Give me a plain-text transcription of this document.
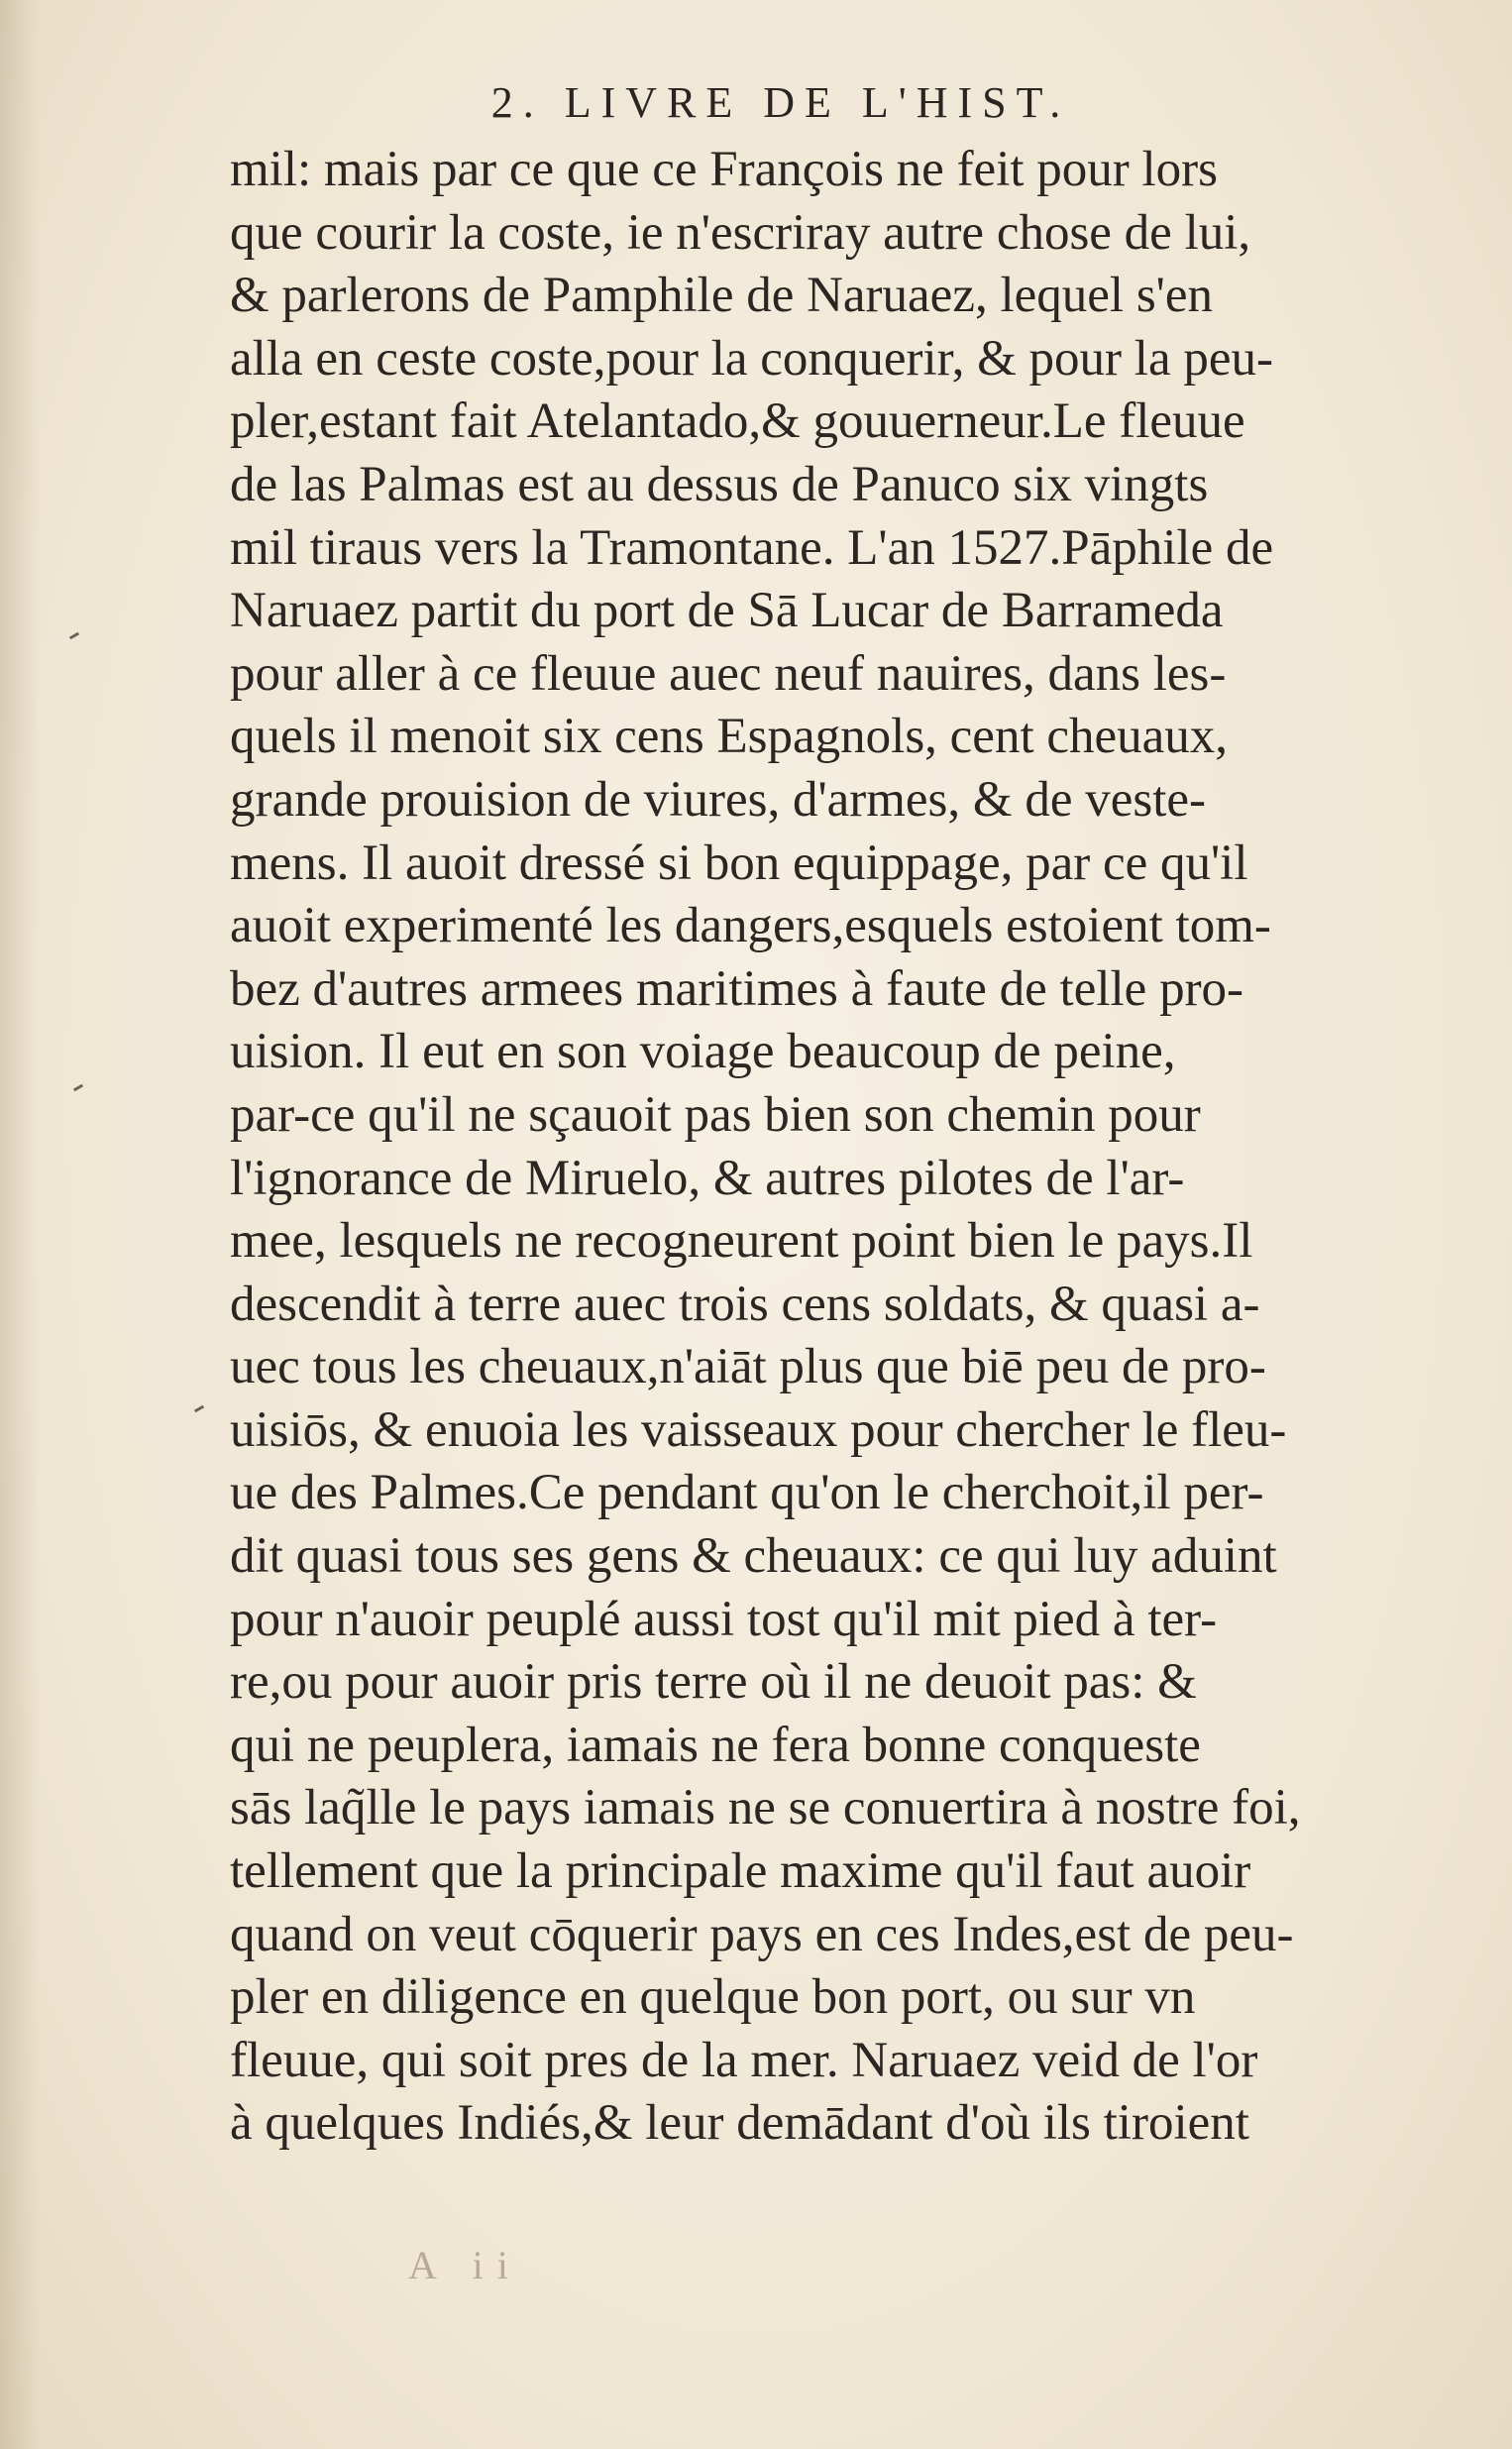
2. LIVRE DE L'HIST.
mil: mais par ce que ce François ne feit pour lors
que courir la coste, ie n'escriray autre chose de lui,
& parlerons de Pamphile de Naruaez, lequel s'en
alla en ceste coste,pour la conquerir, & pour la peu-
pler,estant fait Atelantado,& gouuerneur.Le fleuue
de las Palmas est au dessus de Panuco six vingts
mil tiraus vers la Tramontane. L'an 1527.Pāphile de
Naruaez partit du port de Sā Lucar de Barrameda
pour aller à ce fleuue auec neuf nauires, dans les-
quels il menoit six cens Espagnols, cent cheuaux,
grande prouision de viures, d'armes, & de veste-
mens. Il auoit dressé si bon equippage, par ce qu'il
auoit experimenté les dangers,esquels estoient tom-
bez d'autres armees maritimes à faute de telle pro-
uision. Il eut en son voiage beaucoup de peine,
par-ce qu'il ne sçauoit pas bien son chemin pour
l'ignorance de Miruelo, & autres pilotes de l'ar-
mee, lesquels ne recogneurent point bien le pays.Il
descendit à terre auec trois cens soldats, & quasi a-
uec tous les cheuaux,n'aiāt plus que biē peu de pro-
uisiōs, & enuoia les vaisseaux pour chercher le fleu-
ue des Palmes.Ce pendant qu'on le cherchoit,il per-
dit quasi tous ses gens & cheuaux: ce qui luy aduint
pour n'auoir peuplé aussi tost qu'il mit pied à ter-
re,ou pour auoir pris terre où il ne deuoit pas: &
qui ne peuplera, iamais ne fera bonne conqueste
sās laq̃lle le pays iamais ne se conuertira à nostre foi,
tellement que la principale maxime qu'il faut auoir
quand on veut cōquerir pays en ces Indes,est de peu-
pler en diligence en quelque bon port, ou sur vn
fleuue, qui soit pres de la mer. Naruaez veid de l'or
à quelques Indiés,& leur demādant d'où ils tiroient
A ii
